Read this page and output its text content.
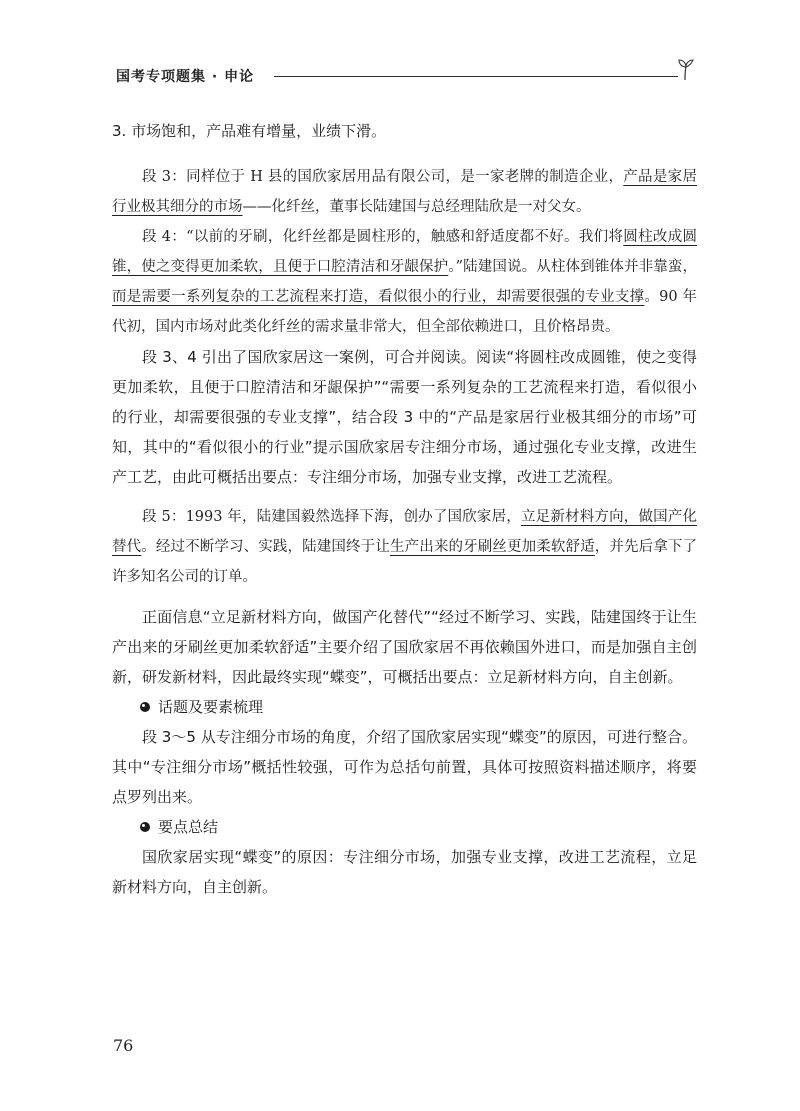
国考专项题集 · 申论

3. 市场饱和，产品难有增量，业绩下滑。

段 3：同样位于 H 县的国欣家居用品有限公司，是一家老牌的制造企业，产品是家居行业极其细分的市场——化纤丝，董事长陆建国与总经理陆欣是一对父女。

段 4：“以前的牙刷，化纤丝都是圆柱形的，触感和舒适度都不好。我们将圆柱改成圆锥，使之变得更加柔软，且便于口腔清洁和牙龈保护。”陆建国说。从柱体到锥体并非靠蛮，而是需要一系列复杂的工艺流程来打造，看似很小的行业，却需要很强的专业支撑。90 年代初，国内市场对此类化纤丝的需求量非常大，但全部依赖进口，且价格昂贵。

段 3、4 引出了国欣家居这一案例，可合并阅读。阅读“将圆柱改成圆锥，使之变得更加柔软，且便于口腔清洁和牙龈保护”“需要一系列复杂的工艺流程来打造，看似很小的行业，却需要很强的专业支撑”，结合段 3 中的“产品是家居行业极其细分的市场”可知，其中的“看似很小的行业”提示国欣家居专注细分市场，通过强化专业支撑，改进生产工艺，由此可概括出要点：专注细分市场，加强专业支撑，改进工艺流程。

段 5：1993 年，陆建国毅然选择下海，创办了国欣家居，立足新材料方向，做国产化替代。经过不断学习、实践，陆建国终于让生产出来的牙刷丝更加柔软舒适，并先后拿下了许多知名公司的订单。

正面信息“立足新材料方向，做国产化替代”“经过不断学习、实践，陆建国终于让生产出来的牙刷丝更加柔软舒适”主要介绍了国欣家居不再依赖国外进口，而是加强自主创新，研发新材料，因此最终实现“蝶变”，可概括出要点：立足新材料方向，自主创新。

话题及要素梳理

段 3～5 从专注细分市场的角度，介绍了国欣家居实现“蝶变”的原因，可进行整合。其中“专注细分市场”概括性较强，可作为总括句前置，具体可按照资料描述顺序，将要点罗列出来。

要点总结

国欣家居实现“蝶变”的原因：专注细分市场，加强专业支撑，改进工艺流程，立足新材料方向，自主创新。

76
